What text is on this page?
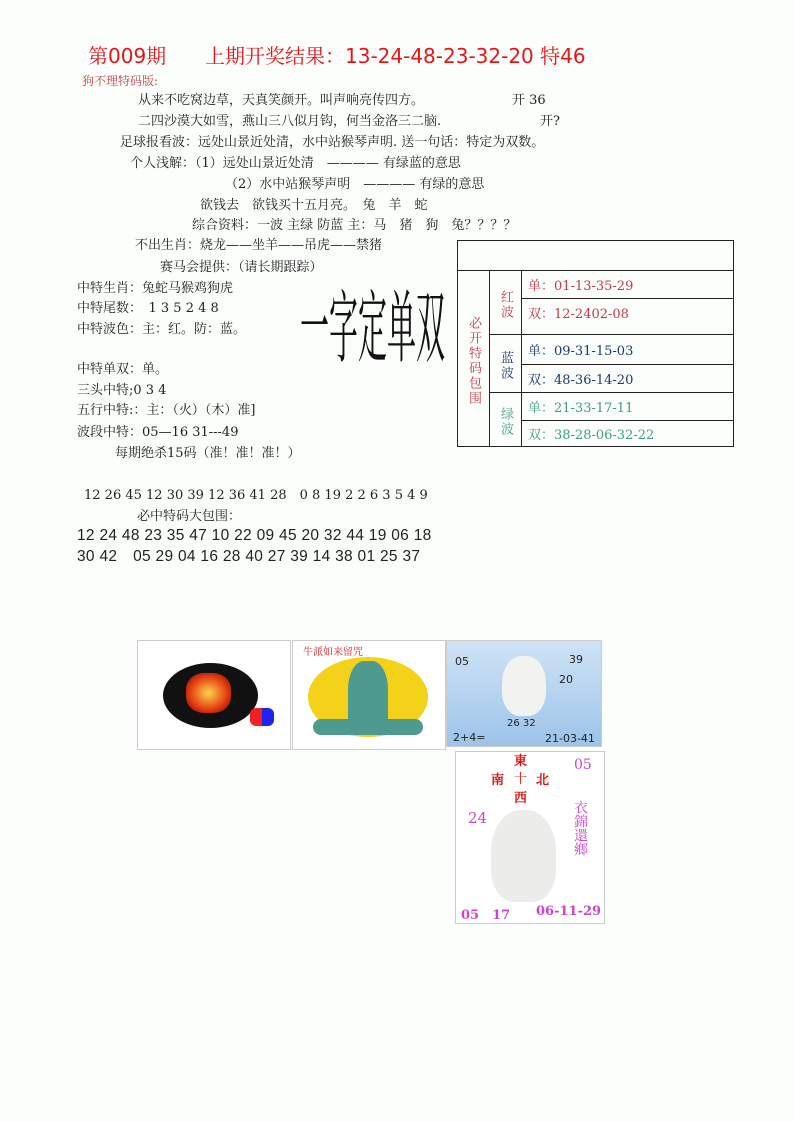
第009期 上期开奖结果：13-24-48-23-32-20 特46
狗不理特码版:
从来不吃窝边草，天真笑颜开。叫声响亮传四方。	开 36
二四沙漠大如雪，燕山三八似月钩，何当金洛三二脑.	开?
足球报看波：远处山景近处清，水中站猴琴声明. 送一句话：特定为双数。
个人浅解：（1）远处山景近处清　———— 有绿蓝的意思
（2）水中站猴琴声明　———— 有绿的意思
欲钱去　欲钱买十五月亮。　兔　羊　蛇
综合资料：一波 主绿 防蓝 主：马　猪　狗　兔？？？？
不出生肖：烧龙——坐羊——吊虎——禁猪
赛马会提供：（请长期跟踪）
中特生肖：兔蛇马猴鸡狗虎
中特尾数：　1 3 5 2 4 8
中特波色：主：红。防：蓝。
中特单双：单。
三头中特;0 3 4
五行中特:：主：（火）（木）准]
波段中特：05—16 31---49
每期绝杀15码（准！准！准！）
12 26 45 12 30 39 12 36 41 28　0 8 19 2 2 6 3 5 4 9
必中特码大包围：
12 24 48 23 35 47 10 22 09 45 20 32 44 19 06 18
30 42　05 29 04 16 28 40 27 39 14 38 01 25 37
一字定单双	必开特码包围	红波	单：01-13-35-29
		双：12-2402-08
	蓝波	单：09-31-15-03
		双：48-36-14-20
	绿波	单：21-33-17-11
		双：38-28-06-32-22
牛派如来留咒
05	39
20
2+4=
26 32
21-03-41
05
東
南 十 北
西
24	衣錦還鄉
05　17 06-11-29
